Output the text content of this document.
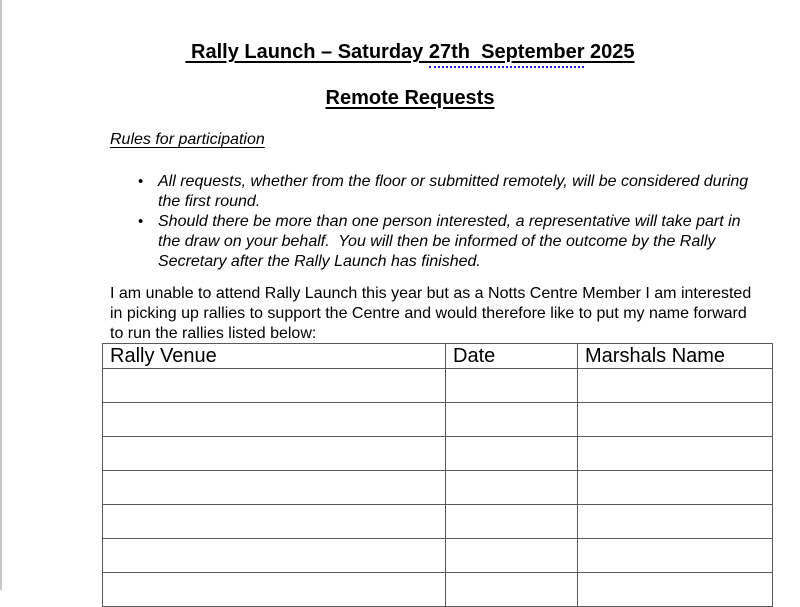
Rally Launch – Saturday 27th  September 2025
Remote Requests
Rules for participation
• All requests, whether from the floor or submitted remotely, will be considered during
the first round.
• Should there be more than one person interested, a representative will take part in
the draw on your behalf.  You will then be informed of the outcome by the Rally
Secretary after the Rally Launch has finished.
I am unable to attend Rally Launch this year but as a Notts Centre Member I am interested
in picking up rallies to support the Centre and would therefore like to put my name forward
to run the rallies listed below:
Rally Venue	Date	Marshals Name
